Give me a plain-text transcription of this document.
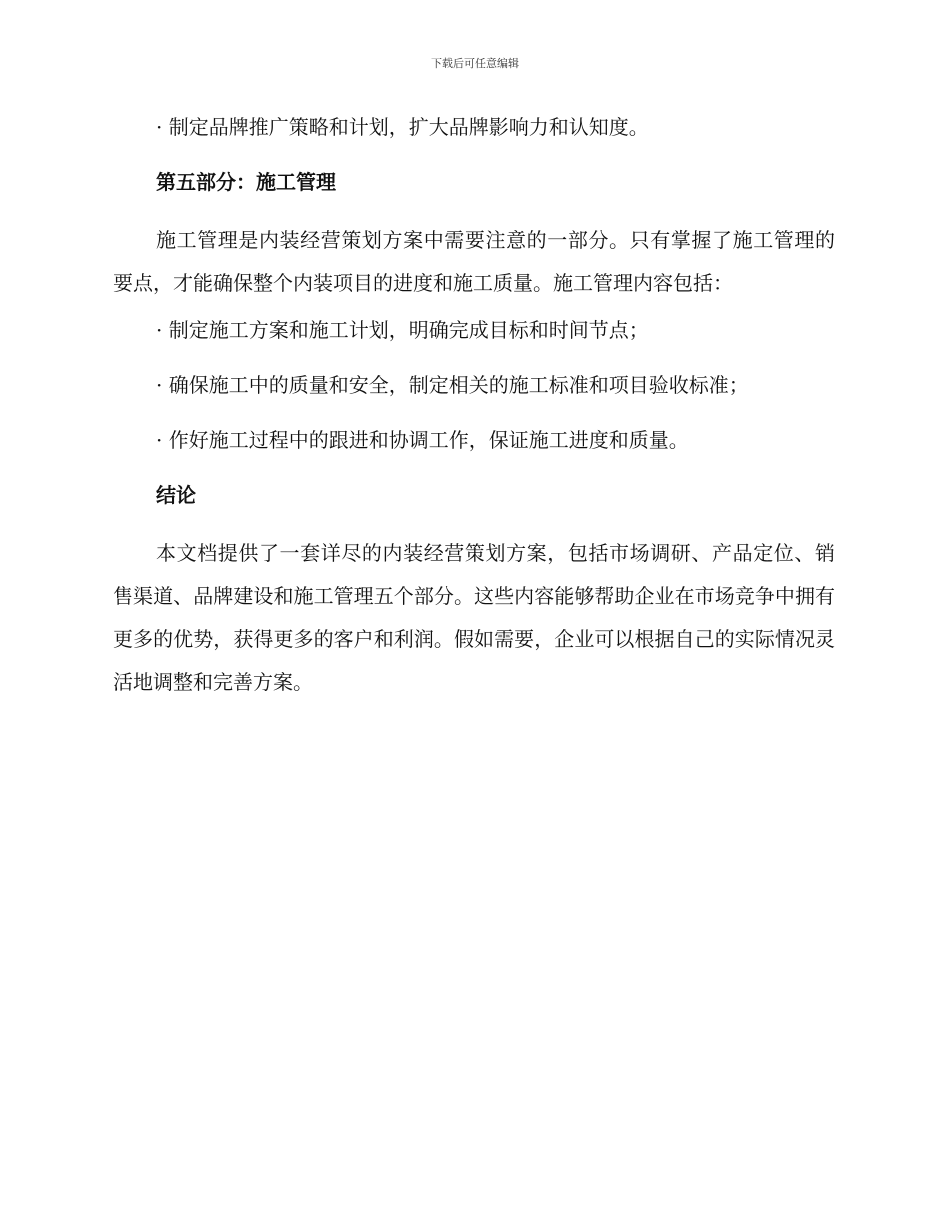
下载后可任意编辑

· 制定品牌推广策略和计划，扩大品牌影响力和认知度。

第五部分：施工管理

施工管理是内装经营策划方案中需要注意的一部分。只有掌握了施工管理的要点，才能确保整个内装项目的进度和施工质量。施工管理内容包括：

· 制定施工方案和施工计划，明确完成目标和时间节点；

· 确保施工中的质量和安全，制定相关的施工标准和项目验收标准；

· 作好施工过程中的跟进和协调工作，保证施工进度和质量。

结论

本文档提供了一套详尽的内装经营策划方案，包括市场调研、产品定位、销售渠道、品牌建设和施工管理五个部分。这些内容能够帮助企业在市场竞争中拥有更多的优势，获得更多的客户和利润。假如需要，企业可以根据自己的实际情况灵活地调整和完善方案。
